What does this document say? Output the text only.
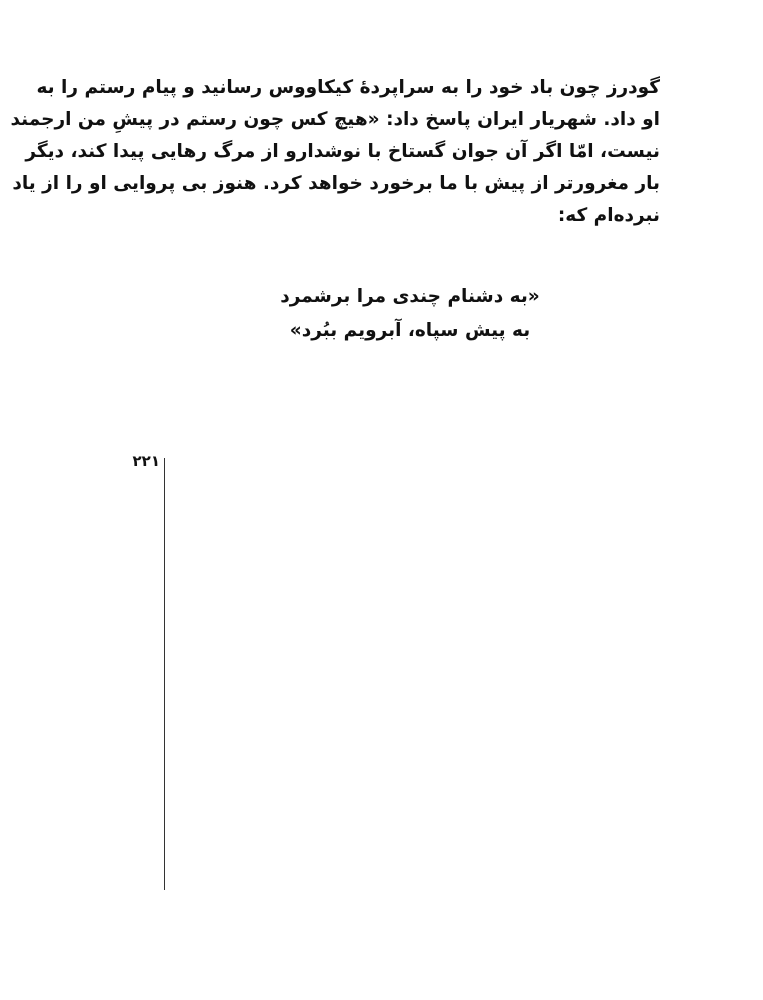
گودرز چون باد خود را به سراپردهٔ کیکاووس رسانید و پیام رستم را به
او داد. شهریار ایران پاسخ داد: «هیچ کس چون رستم در پیشِ من ارجمند
نیست، امّا اگر آن جوان گستاخ با نوشدارو از مرگ رهایی پیدا کند، دیگر
بار مغرورتر از پیش با ما برخورد خواهد کرد. هنوز بی پروایی او را از یاد
نبرده‌ام که:
«به دشنام چندی مرا برشمرد
به پیش سپاه، آبرویم ببُرد»
۲۲۱
